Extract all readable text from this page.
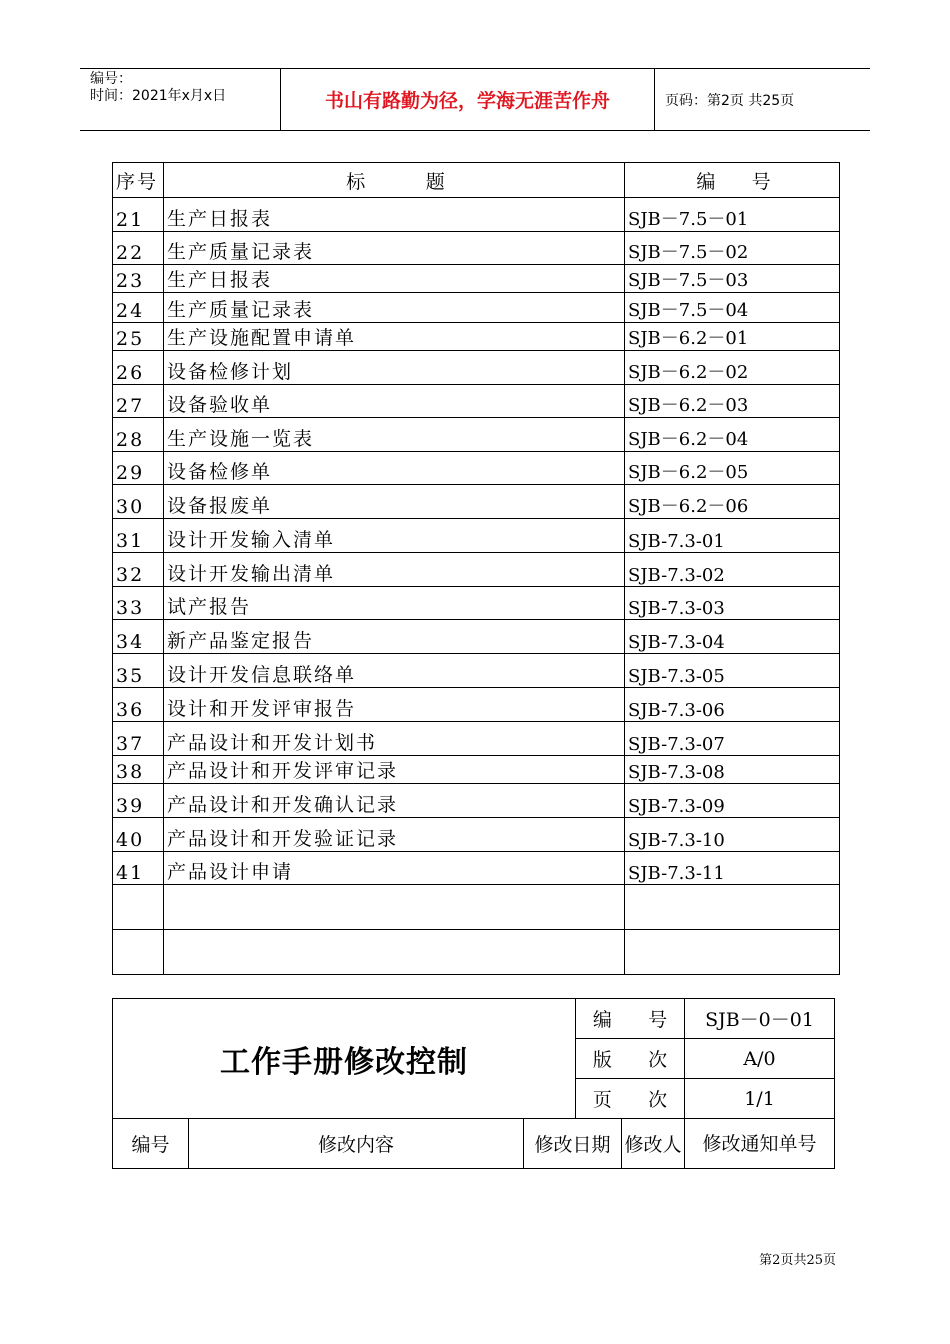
编号：
时间：2021年x月x日	书山有路勤为径，学海无涯苦作舟	页码：第2页 共25页
序号	标          题	编      号
21	生产日报表	SJB－7.5－01
22	生产质量记录表	SJB－7.5－02
23	生产日报表	SJB－7.5－03
24	生产质量记录表	SJB－7.5－04
25	生产设施配置申请单	SJB－6.2－01
26	设备检修计划	SJB－6.2－02
27	设备验收单	SJB－6.2－03
28	生产设施一览表	SJB－6.2－04
29	设备检修单	SJB－6.2－05
30	设备报废单	SJB－6.2－06
31	设计开发输入清单	SJB-7.3-01
32	设计开发输出清单	SJB-7.3-02
33	试产报告	SJB-7.3-03
34	新产品鉴定报告	SJB-7.3-04
35	设计开发信息联络单	SJB-7.3-05
36	设计和开发评审报告	SJB-7.3-06
37	产品设计和开发计划书	SJB-7.3-07
38	产品设计和开发评审记录	SJB-7.3-08
39	产品设计和开发确认记录	SJB-7.3-09
40	产品设计和开发验证记录	SJB-7.3-10
41	产品设计申请	SJB-7.3-11

工作手册修改控制			编      号		SJB－0－01
			版      次		A/0
			页      次		1/1
编号	修改内容	修改日期		修改人	修改通知单号
第2页共25页
